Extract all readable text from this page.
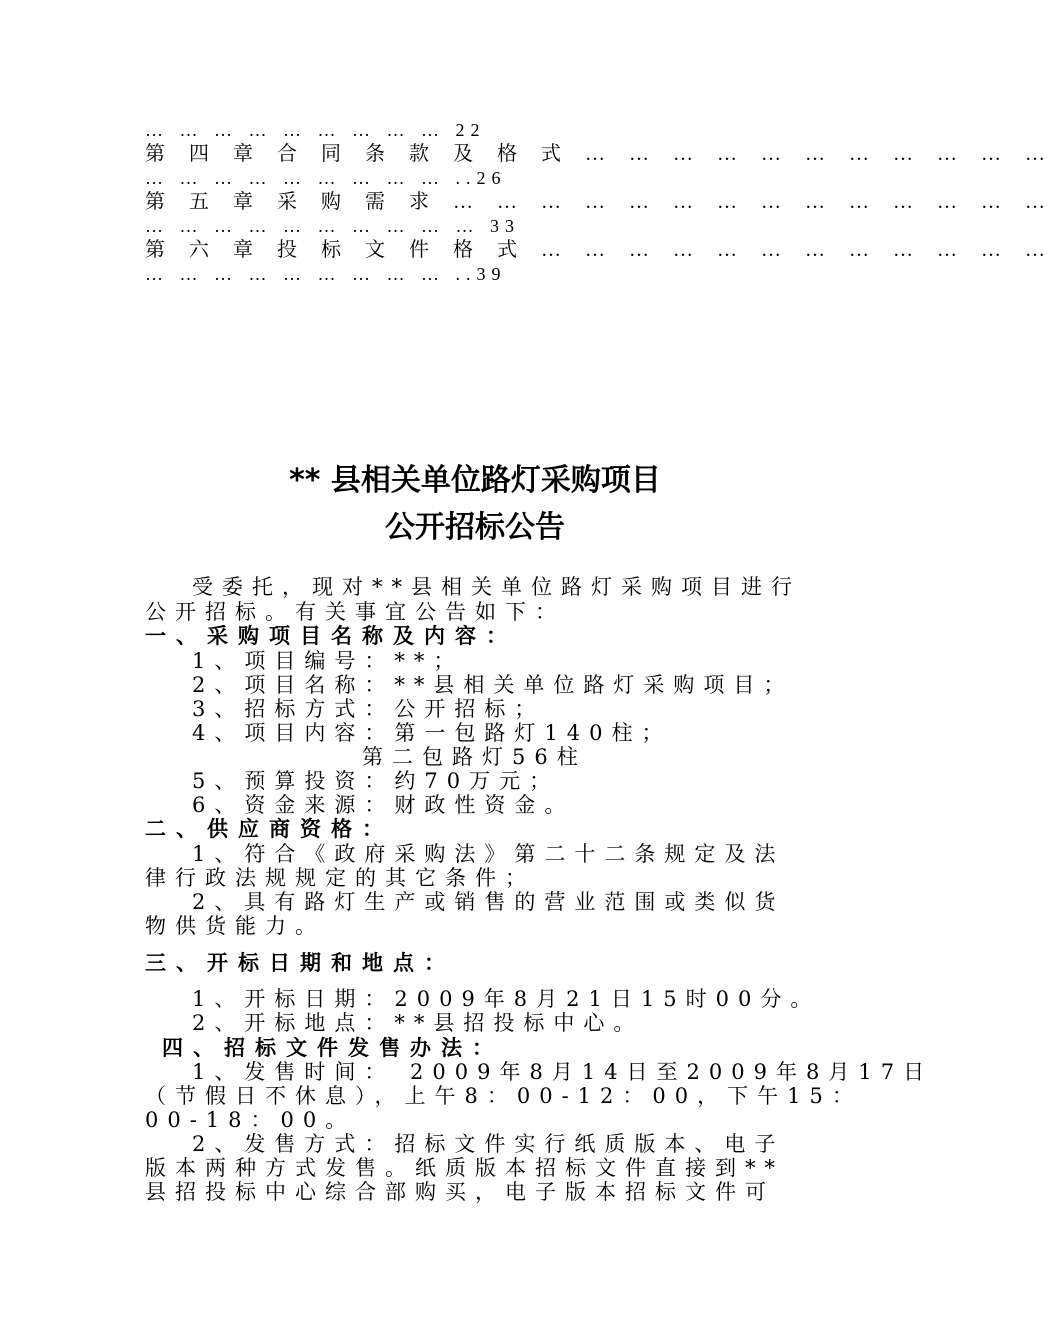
… … … … … … … … … 22
第 四 章 合 同 条 款 及 格 式 … … … … … … … … … … …
… … … … … … … … … ..26
第 五 章 采 购 需 求 … … … … … … … … … … … … … …
… … … … … … … … … … 33
第 六 章 投 标 文 件 格 式 … … … … … … … … … … … …
… … … … … … … … … ..39
** 县相关单位路灯采购项目
公开招标公告
受委托，现对**县相关单位路灯采购项目进行
公开招标。有关事宜公告如下：
一、采购项目名称及内容：
1、项目编号：**；
2、项目名称：**县相关单位路灯采购项目；
3、招标方式：公开招标；
4、项目内容：第一包路灯140柱；
第二包路灯56柱
5、预算投资：约70万元；
6、资金来源：财政性资金。
二、供应商资格：
1、符合《政府采购法》第二十二条规定及法
律行政法规规定的其它条件；
2、具有路灯生产或销售的营业范围或类似货
物供货能力。
三、开标日期和地点：
1、开标日期：2009年8月21日15时00分。
2、开标地点：**县招投标中心。
四、招标文件发售办法：
1、发售时间： 2009年8月14日至2009年8月17日
（节假日不休息），上午8：00-12：00，下午15：
00-18：00。
2、发售方式：招标文件实行纸质版本、电子
版本两种方式发售。纸质版本招标文件直接到**
县招投标中心综合部购买，电子版本招标文件可
